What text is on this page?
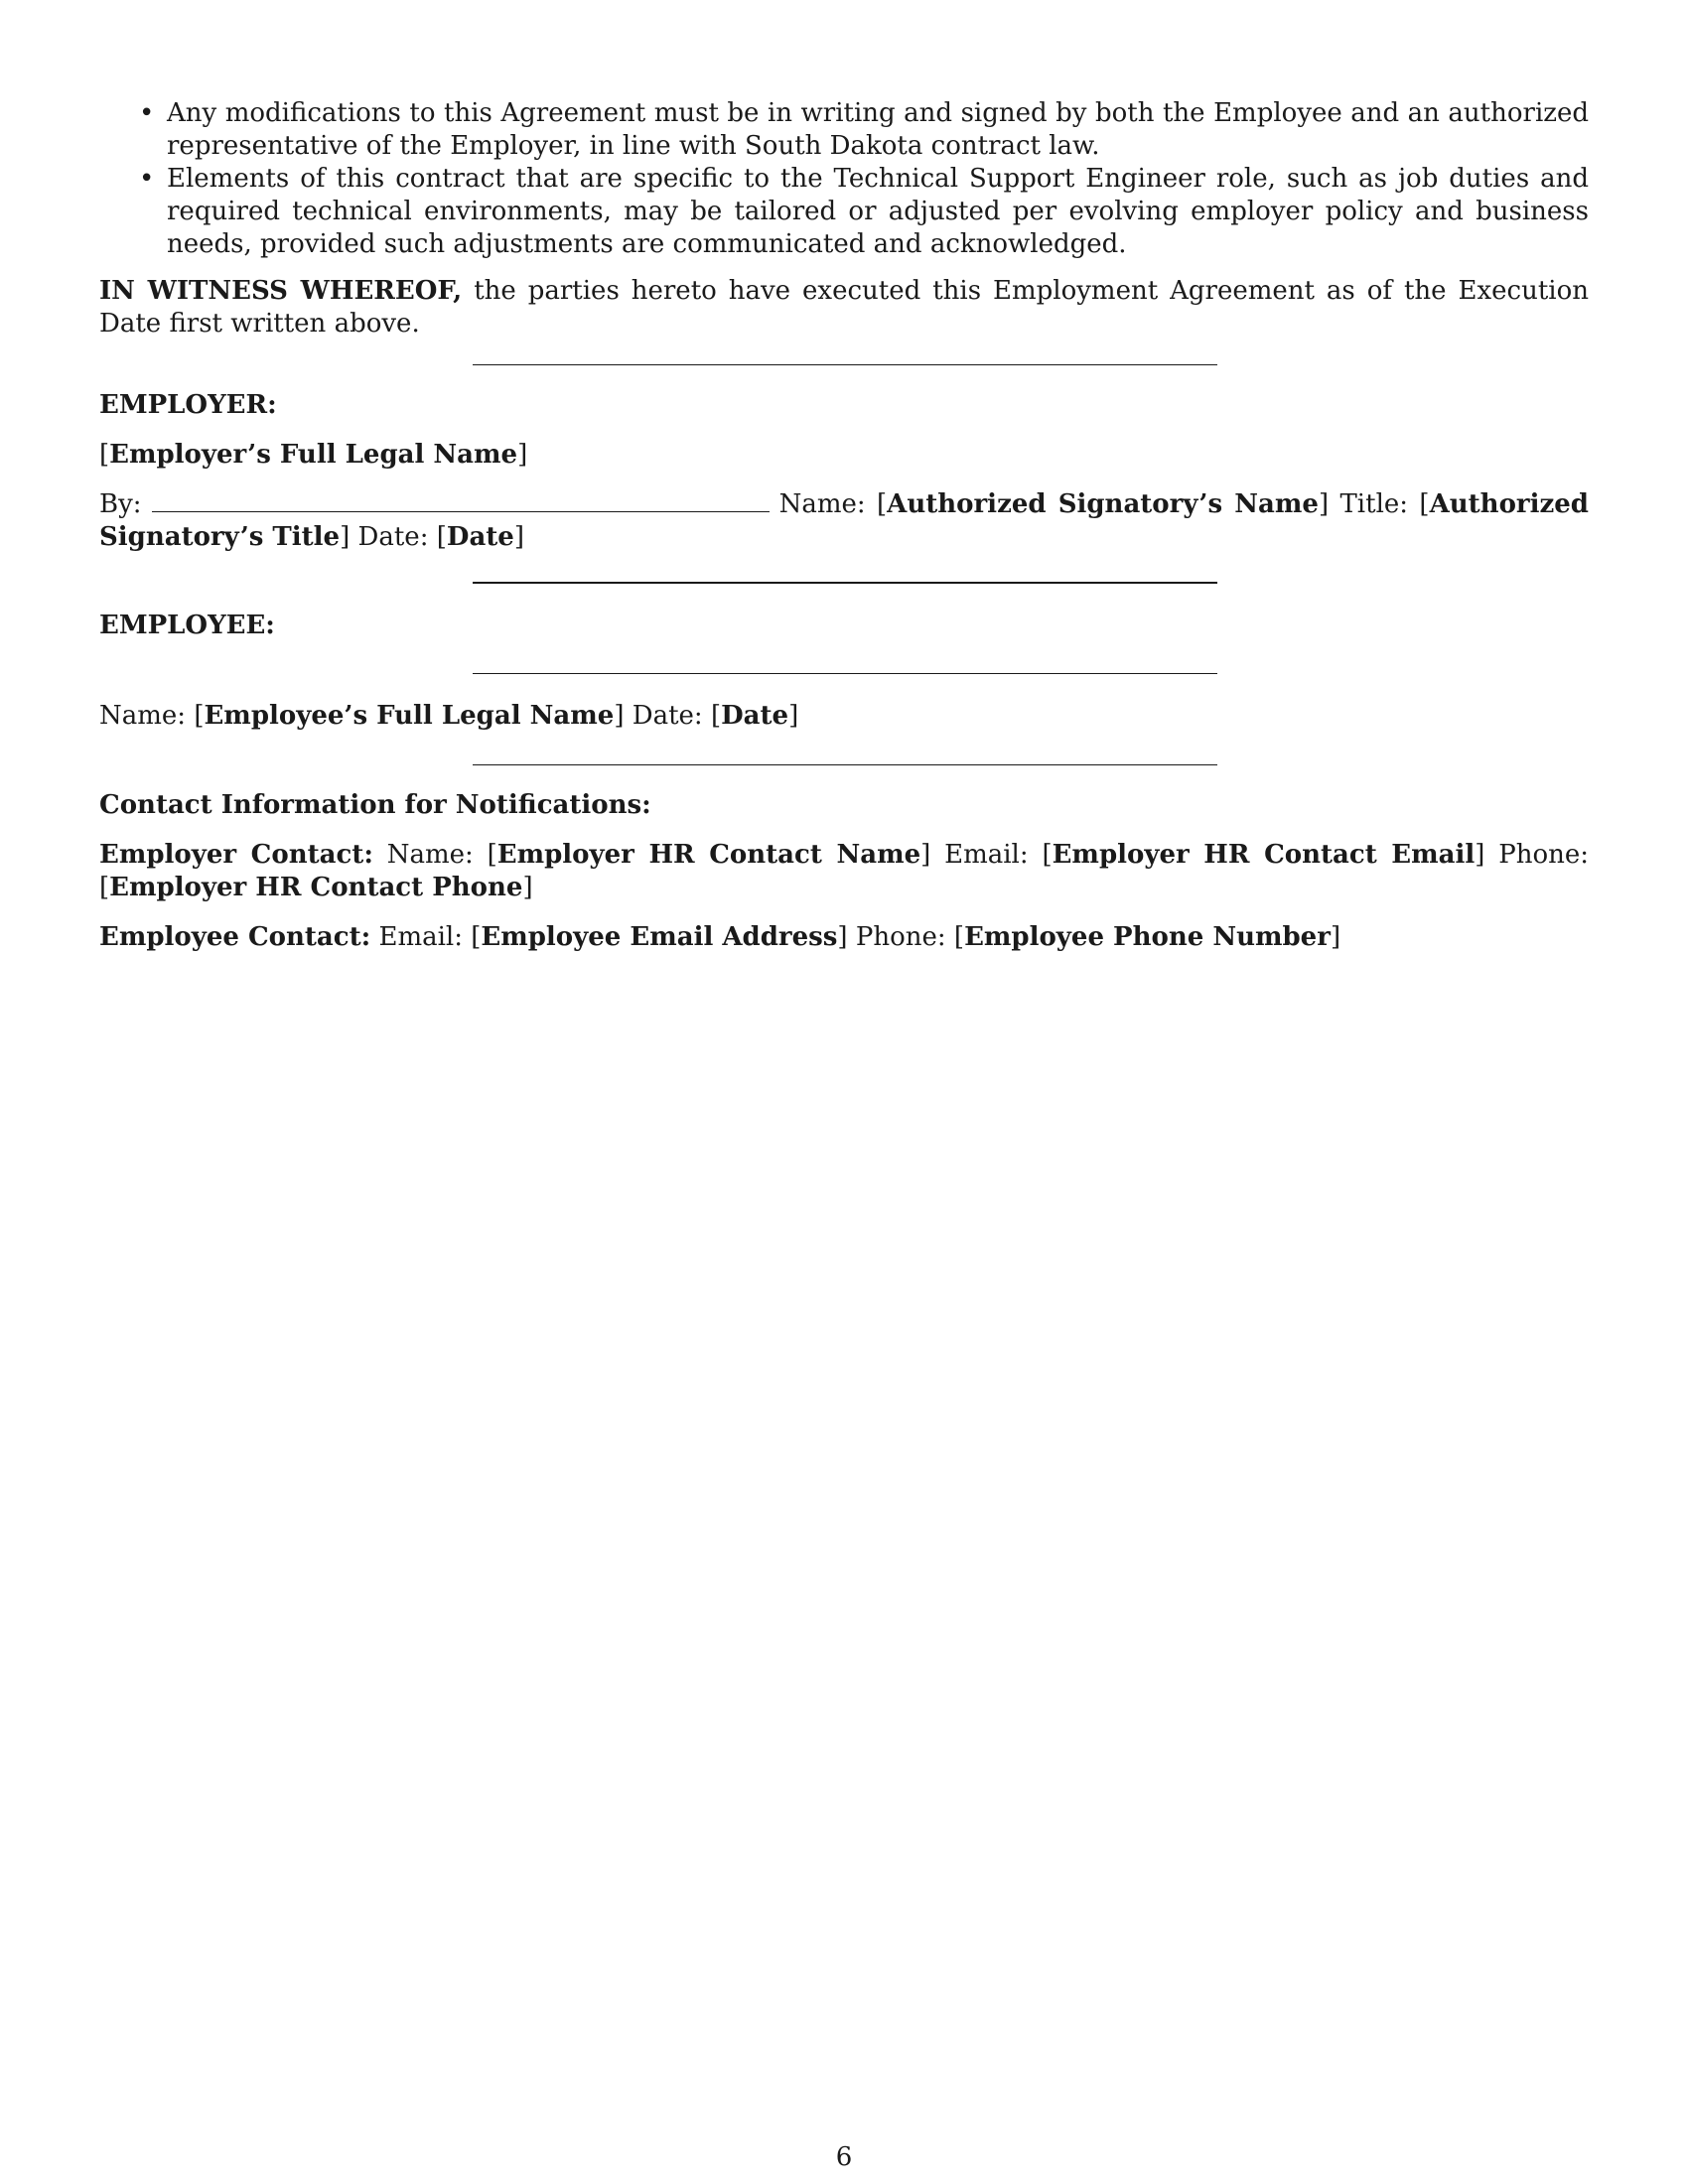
• Any modifications to this Agreement must be in writing and signed by both the Employee and an authorized representative of the Employer, in line with South Dakota contract law.
• Elements of this contract that are specific to the Technical Support Engineer role, such as job duties and required technical environments, may be tailored or adjusted per evolving employer policy and business needs, provided such adjustments are communicated and acknowledged.

IN WITNESS WHEREOF, the parties hereto have executed this Employment Agreement as of the Execution Date first written above.

EMPLOYER:

[Employer’s Full Legal Name]

By:	Name: [Authorized Signatory’s Name] Title: [Authorized Signatory’s Title] Date: [Date]

EMPLOYEE:

Name: [Employee’s Full Legal Name] Date: [Date]

Contact Information for Notifications:

Employer Contact: Name: [Employer HR Contact Name] Email: [Employer HR Contact Email] Phone: [Employer HR Contact Phone]

Employee Contact: Email: [Employee Email Address] Phone: [Employee Phone Number]

6
